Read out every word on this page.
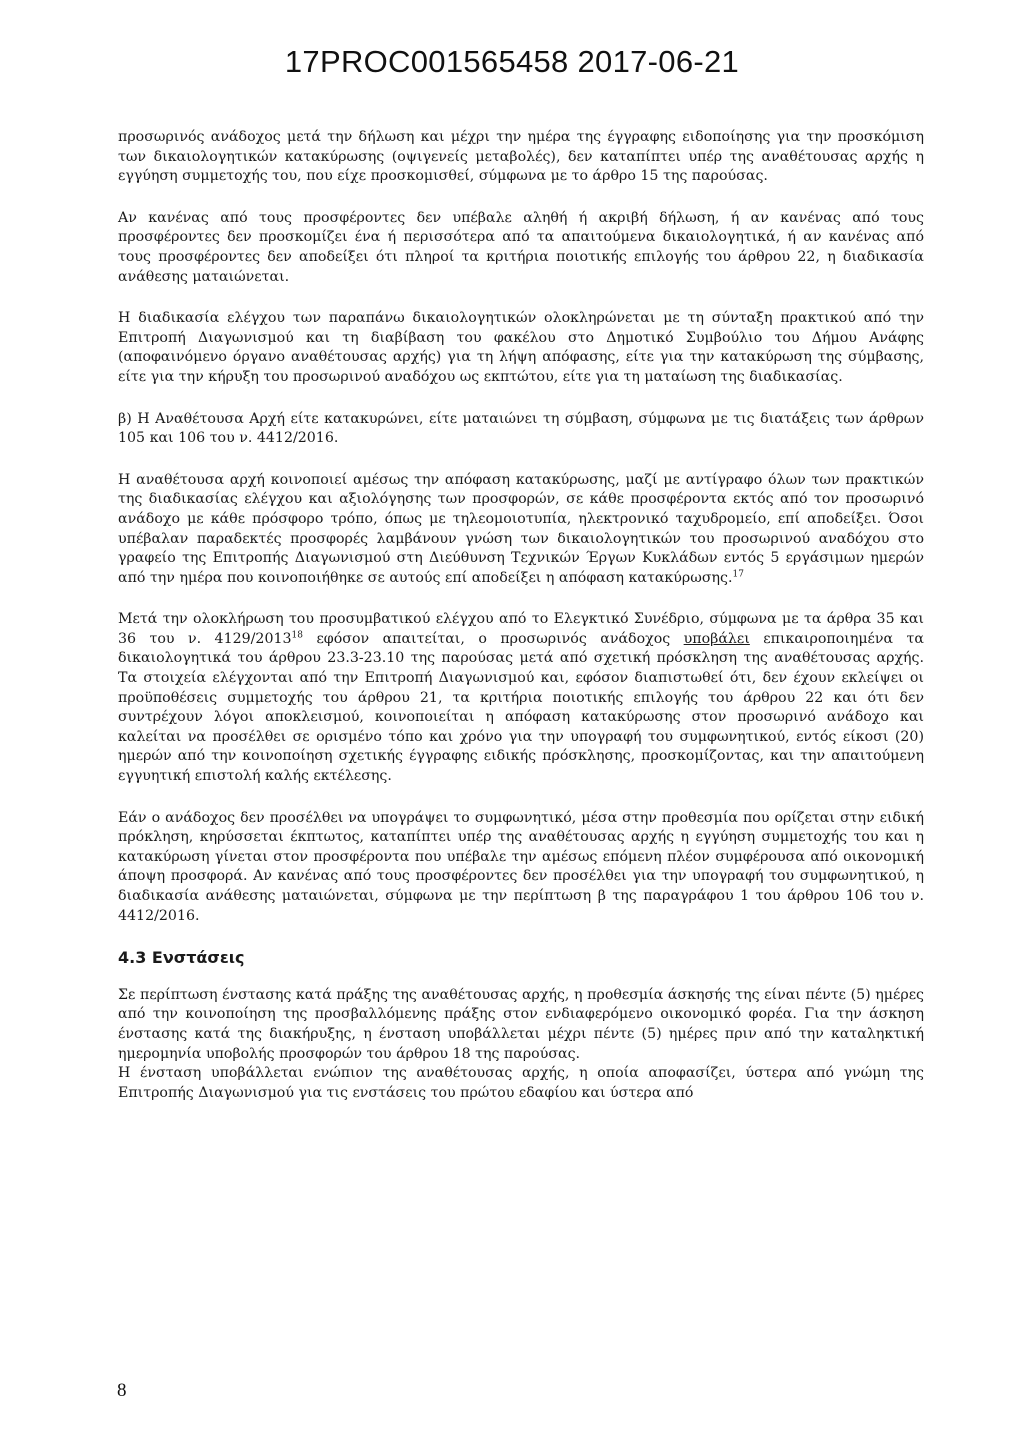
17PROC001565458 2017-06-21

προσωρινός ανάδοχος μετά την δήλωση και μέχρι την ημέρα της έγγραφης ειδοποίησης για την προσκόμιση των δικαιολογητικών κατακύρωσης (οψιγενείς μεταβολές), δεν καταπίπτει υπέρ της αναθέτουσας αρχής η εγγύηση συμμετοχής του, που είχε προσκομισθεί, σύμφωνα με το άρθρο 15 της παρούσας.

Αν κανένας από τους προσφέροντες δεν υπέβαλε αληθή ή ακριβή δήλωση, ή αν κανένας από τους προσφέροντες δεν προσκομίζει ένα ή περισσότερα από τα απαιτούμενα δικαιολογητικά, ή αν κανένας από τους προσφέροντες δεν αποδείξει ότι πληροί τα κριτήρια ποιοτικής επιλογής του άρθρου 22, η διαδικασία ανάθεσης ματαιώνεται.

Η διαδικασία ελέγχου των παραπάνω δικαιολογητικών ολοκληρώνεται με τη σύνταξη πρακτικού από την Επιτροπή Διαγωνισμού και τη διαβίβαση του φακέλου στο Δημοτικό Συμβούλιο του Δήμου Ανάφης (αποφαινόμενο όργανο αναθέτουσας αρχής) για τη λήψη απόφασης, είτε για την κατακύρωση της σύμβασης, είτε για την κήρυξη του προσωρινού αναδόχου ως εκπτώτου, είτε για τη ματαίωση της διαδικασίας.

β) Η Αναθέτουσα Αρχή είτε κατακυρώνει, είτε ματαιώνει τη σύμβαση, σύμφωνα με τις διατάξεις των άρθρων 105 και 106 του ν. 4412/2016.

Η αναθέτουσα αρχή κοινοποιεί αμέσως την απόφαση κατακύρωσης, μαζί με αντίγραφο όλων των πρακτικών της διαδικασίας ελέγχου και αξιολόγησης των προσφορών, σε κάθε προσφέροντα εκτός από τον προσωρινό ανάδοχο με κάθε πρόσφορο τρόπο, όπως με τηλεομοιοτυπία, ηλεκτρονικό ταχυδρομείο, επί αποδείξει. Όσοι υπέβαλαν παραδεκτές προσφορές λαμβάνουν γνώση των δικαιολογητικών του προσωρινού αναδόχου στο γραφείο της Επιτροπής Διαγωνισμού στη Διεύθυνση Τεχνικών Έργων Κυκλάδων εντός 5 εργάσιμων ημερών από την ημέρα που κοινοποιήθηκε σε αυτούς επί αποδείξει η απόφαση κατακύρωσης.$^{17}$

Μετά την ολοκλήρωση του προσυμβατικού ελέγχου από το Ελεγκτικό Συνέδριο, σύμφωνα με τα άρθρα 35 και 36 του ν. 4129/2013$^{18}$ εφόσον απαιτείται, ο προσωρινός ανάδοχος υποβάλει επικαιροποιημένα τα δικαιολογητικά του άρθρου 23.3-23.10 της παρούσας μετά από σχετική πρόσκληση της αναθέτουσας αρχής. Τα στοιχεία ελέγχονται από την Επιτροπή Διαγωνισμού και, εφόσον διαπιστωθεί ότι, δεν έχουν εκλείψει οι προϋποθέσεις συμμετοχής του άρθρου 21, τα κριτήρια ποιοτικής επιλογής του άρθρου 22 και ότι δεν συντρέχουν λόγοι αποκλεισμού, κοινοποιείται η απόφαση κατακύρωσης στον προσωρινό ανάδοχο και καλείται να προσέλθει σε ορισμένο τόπο και χρόνο για την υπογραφή του συμφωνητικού, εντός είκοσι (20) ημερών από την κοινοποίηση σχετικής έγγραφης ειδικής πρόσκλησης, προσκομίζοντας, και την απαιτούμενη εγγυητική επιστολή καλής εκτέλεσης.

Εάν ο ανάδοχος δεν προσέλθει να υπογράψει το συμφωνητικό, μέσα στην προθεσμία που ορίζεται στην ειδική πρόκληση, κηρύσσεται έκπτωτος, καταπίπτει υπέρ της αναθέτουσας αρχής η εγγύηση συμμετοχής του και η κατακύρωση γίνεται στον προσφέροντα που υπέβαλε την αμέσως επόμενη πλέον συμφέρουσα από οικονομική άποψη προσφορά. Αν κανένας από τους προσφέροντες δεν προσέλθει για την υπογραφή του συμφωνητικού, η διαδικασία ανάθεσης ματαιώνεται, σύμφωνα με την περίπτωση β της παραγράφου 1 του άρθρου 106 του ν. 4412/2016.

4.3 Ενστάσεις

Σε περίπτωση ένστασης κατά πράξης της αναθέτουσας αρχής, η προθεσμία άσκησής της είναι πέντε (5) ημέρες από την κοινοποίηση της προσβαλλόμενης πράξης στον ενδιαφερόμενο οικονομικό φορέα. Για την άσκηση ένστασης κατά της διακήρυξης, η ένσταση υποβάλλεται μέχρι πέντε (5) ημέρες πριν από την καταληκτική ημερομηνία υποβολής προσφορών του άρθρου 18 της παρούσας.

Η ένσταση υποβάλλεται ενώπιον της αναθέτουσας αρχής, η οποία αποφασίζει, ύστερα από γνώμη της Επιτροπής Διαγωνισμού για τις ενστάσεις του πρώτου εδαφίου και ύστερα από

8
